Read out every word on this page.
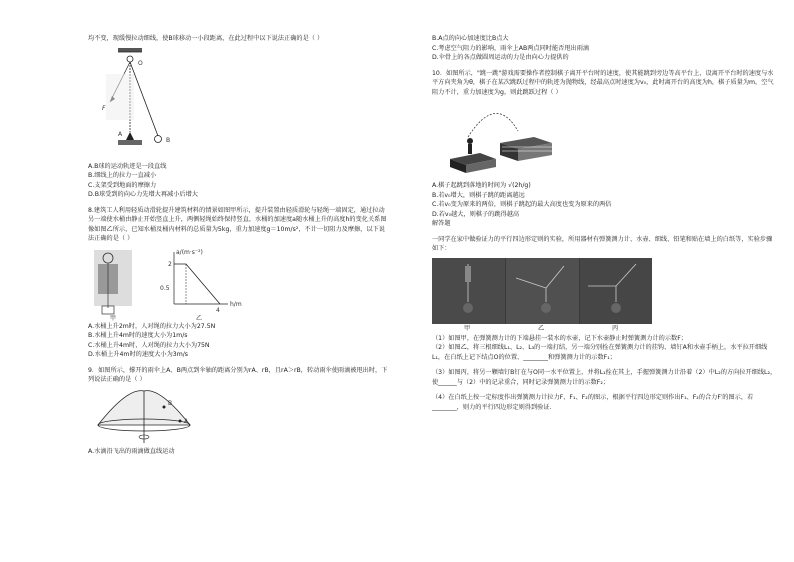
均不变，现缓慢拉动细线，使B球移动一小段距离，在此过程中以下说法正确的是（ ）

O
F
A
B

A.B球的运动轨迹是一段直线

B.细线上的拉力一直减小

C.支架受到地面的摩擦力

D.B球受到的向心力先增大再减小后增大

8.建筑工人利用轻质动滑轮提升建筑材料的情景如图甲所示，提升装置由轻质滑轮与轻绳一端固定，通过拉动另一端使水桶由静止开始竖直上升，两侧轻绳始终保持竖直，水桶的加速度a随水桶上升的高度h的变化关系图像如图乙所示，已知水桶及桶内材料的总质量为5kg，重力加速度g＝10m/s²，不计一切阻力及摩擦，以下说法正确的是（ ）

a/(m·s⁻²)
2
0.5
4
h/m
甲	乙

A.水桶上升2m时，人对绳的拉力大小为27.5N

B.水桶上升4m时的速度大小为1m/s

C.水桶上升4m时，人对绳的拉力大小为75N

D.水桶上升4m时的速度大小为3m/s

9．如图所示，撑开的雨伞上A、B两点到伞轴的距离分别为rA、rB，且rA＞rB，转动雨伞使雨滴被甩出时，下列说法正确的是（ ）

B
A

A.水滴沿飞出的雨滴做直线运动

B.A点的向心加速度比B点大

C.考虑空气阻力的影响，雨伞上AB两点同时能否甩出雨滴

D.伞骨上的各点做圆周运动的力是由向心力提供的

10．如图所示，"跳一跳"游戏需要操作者控制棋子离开平台时的速度，使其能跳到旁边等高平台上，设离开平台时的速度与水平方向夹角为θ，棋子在某次跳跃过程中的轨迹为抛物线，经最高点时速度为v₀，此时离开台的高度为h，棋子质量为m，空气阻力不计，重力加速度为g，则此跳跃过程（ ）

A.棋子起跳到落地的时间为 √(2h/g)

B.若v₀增大，则棋子跳的距离越远

C.若v₀变为原来的两倍，则棋子跳起的最大高度也变为原来的两倍

D.若v₀越大，则棋子的跳得越高

解答题

一同学在家中做验证力的平行四边形定则的实验，所用器材有弹簧测力计、水壶、细线、铅笔和贴在墙上的白纸等，实验步骤如下：

甲	乙	丙

（1）如图甲，在弹簧测力计的下端悬挂一装水的水壶，记下水壶静止时弹簧测力计的示数F；

（2）如图乙，将三根细线L₁、L₂、L₃的一端打结，另一端分别拴在弹簧测力计的挂钩、墙钉A和水壶手柄上，水平拉开细线L₁，在白纸上记下结点O的位置、________和弹簧测力计的示数F₁；

（3）如图丙，将另一颗墙钉B钉在与O同一水平位置上，并将L₁拴在其上，手握弹簧测力计沿着（2）中L₂的方向拉开细线L₂，使______与（2）中的记录重合，同时记录弹簧测力计的示数F₂；

（4）在白纸上按一定标度作出弹簧测力计拉力F、F₁、F₂的图示，根据平行四边形定则作出F₁、F₂的合力F′的图示，若________，则力的平行四边形定则得到验证.
